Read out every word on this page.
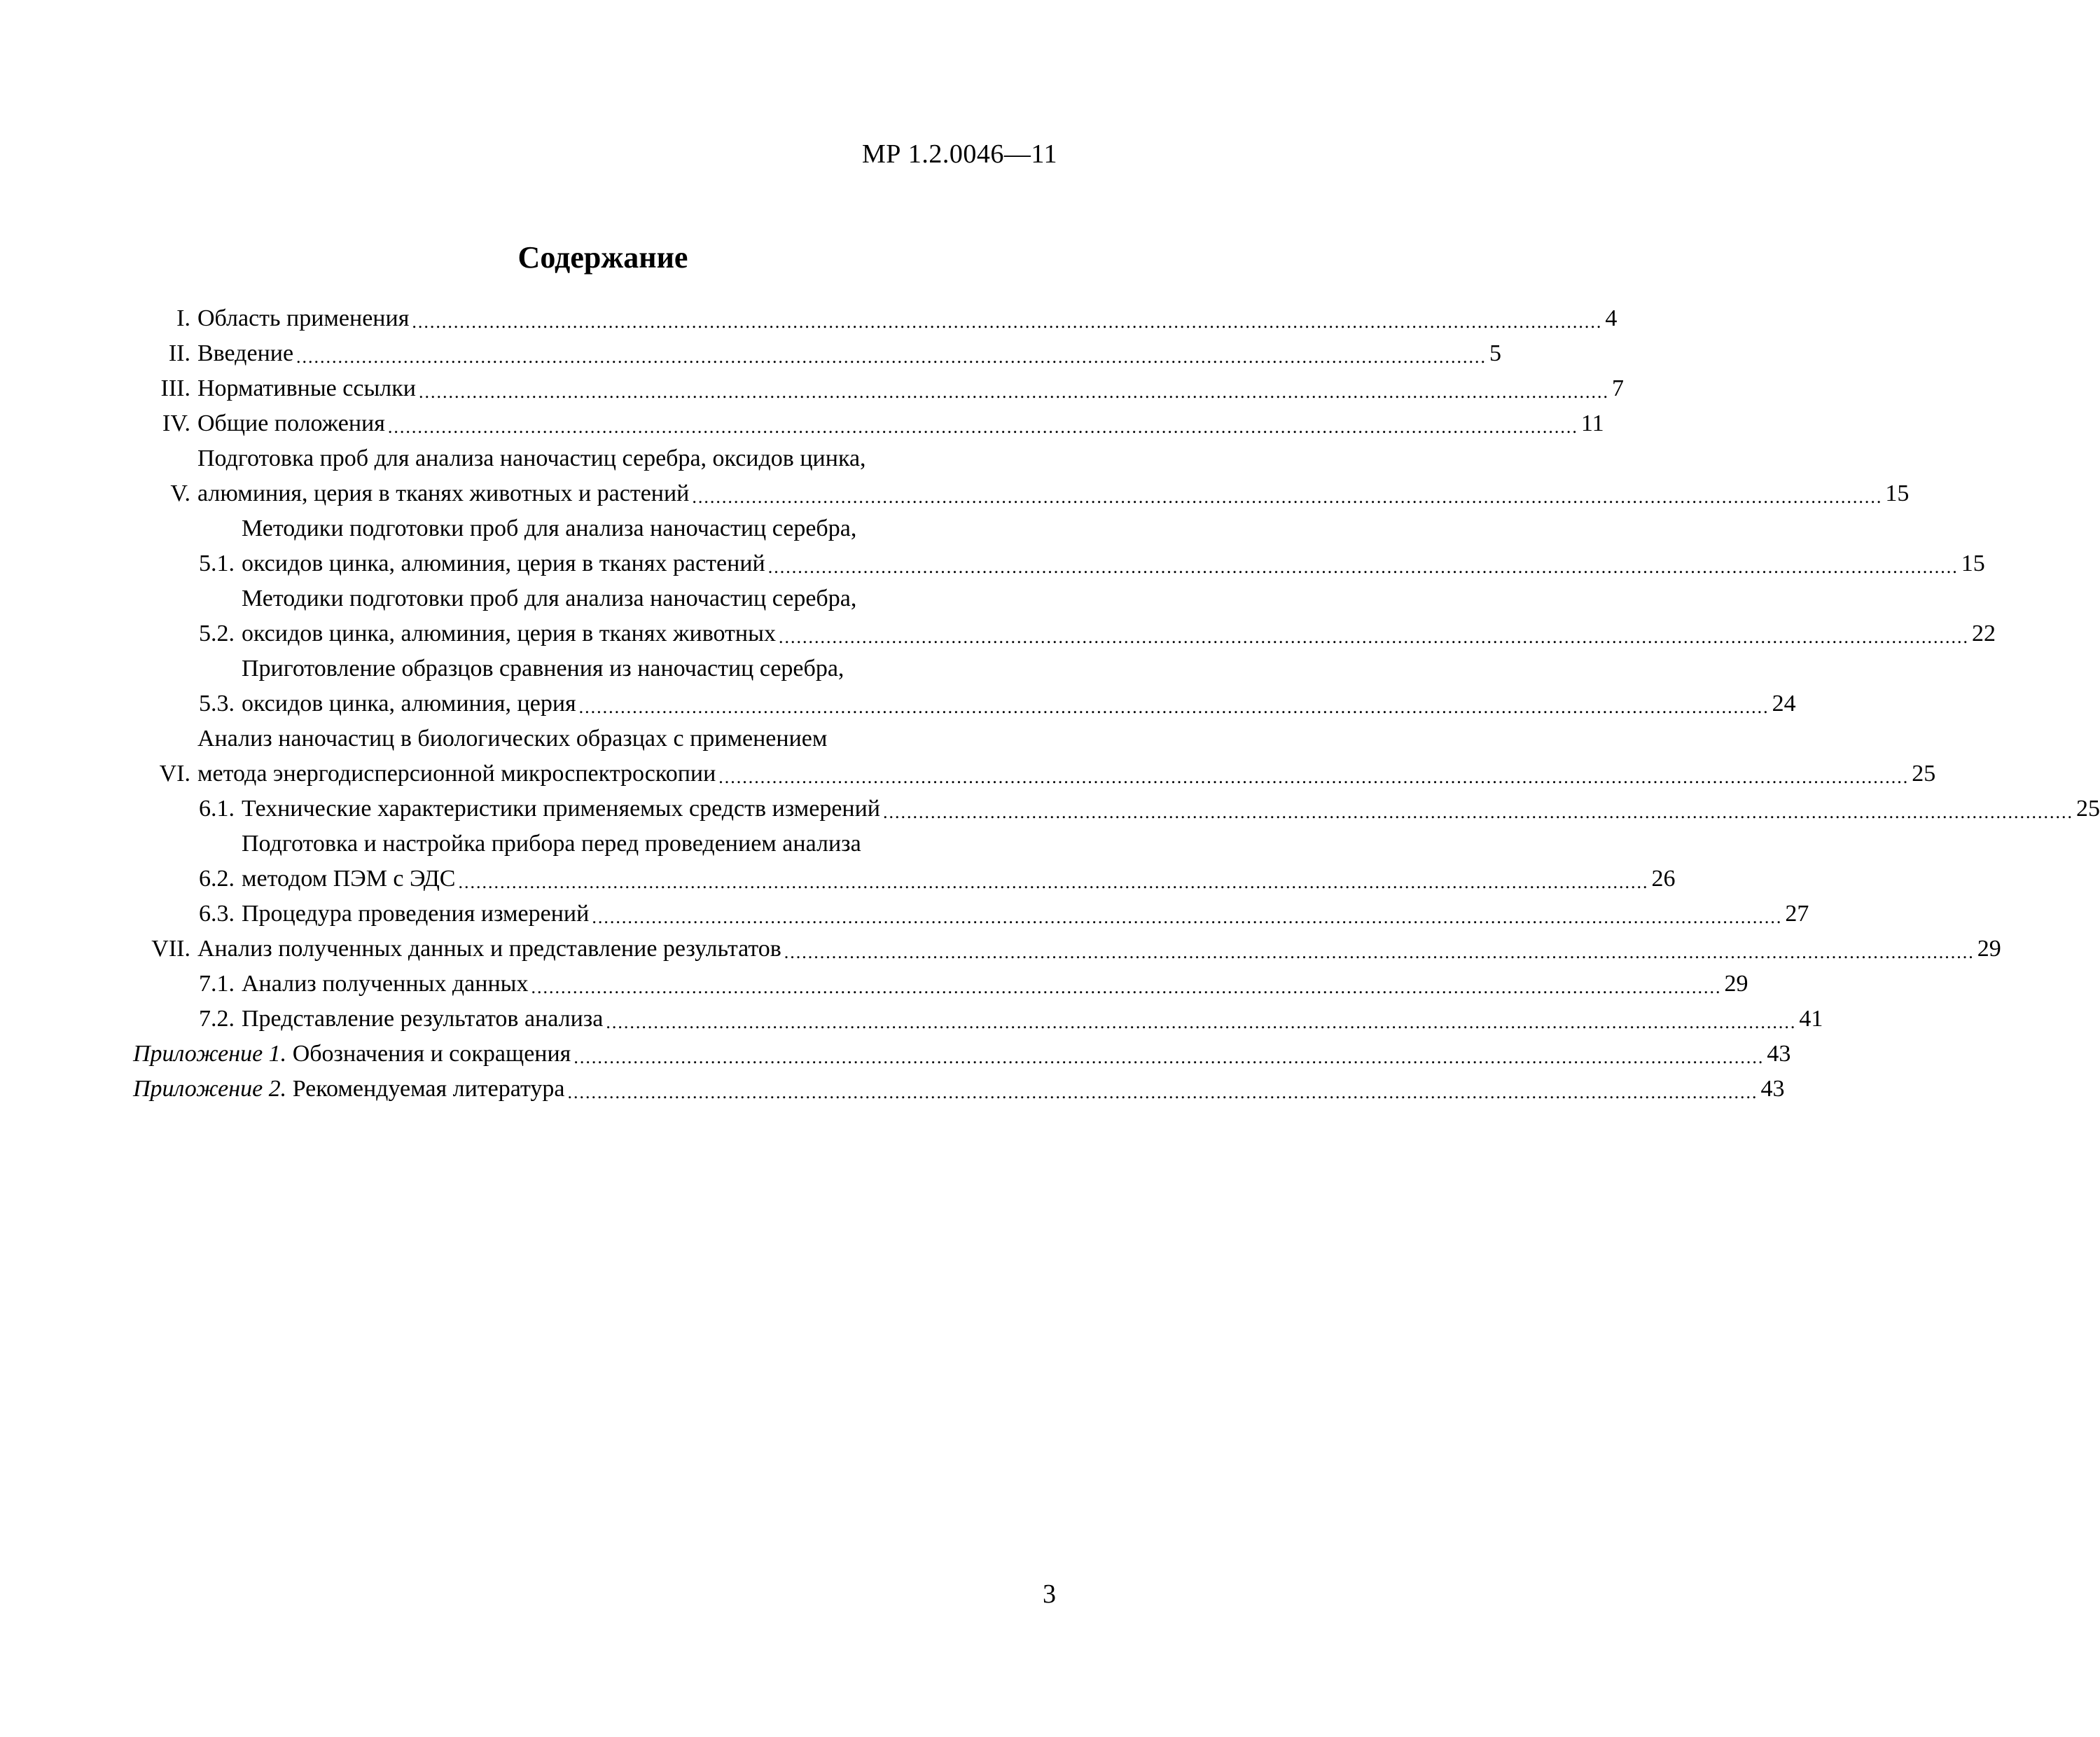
МР 1.2.0046—11
Содержание
I. Область применения ........................................................................................................................................................................................................ 4
II. Введение ........................................................................................................................................................................................................ 5
III. Нормативные ссылки ........................................................................................................................................................................................................ 7
IV. Общие положения ........................................................................................................................................................................................................ 11
V.
Подготовка проб для анализа наночастиц серебра, оксидов цинка,
алюминия, церия в тканях животных и растений ........................................................................................................................................................................................................ 15
5.1.
Методики подготовки проб для анализа наночастиц серебра,
оксидов цинка, алюминия, церия в тканях растений ........................................................................................................................................................................................................ 15
5.2.
Методики подготовки проб для анализа наночастиц серебра,
оксидов цинка, алюминия, церия в тканях животных ........................................................................................................................................................................................................ 22
5.3.
Приготовление образцов сравнения из наночастиц серебра,
оксидов цинка, алюминия, церия ........................................................................................................................................................................................................ 24
VI.
Анализ наночастиц в биологических образцах с применением
метода энергодисперсионной микроспектроскопии ........................................................................................................................................................................................................ 25
6.1. Технические характеристики применяемых средств измерений ........................................................................................................................................................................................................ 25
6.2.
Подготовка и настройка прибора перед проведением анализа
методом ПЭМ с ЭДС ........................................................................................................................................................................................................ 26
6.3. Процедура проведения измерений ........................................................................................................................................................................................................ 27
VII. Анализ полученных данных и представление результатов ........................................................................................................................................................................................................ 29
7.1. Анализ полученных данных ........................................................................................................................................................................................................ 29
7.2. Представление результатов анализа ........................................................................................................................................................................................................ 41
Приложение 1. Обозначения и сокращения ........................................................................................................................................................................................................ 43
Приложение 2. Рекомендуемая литература ........................................................................................................................................................................................................ 43
3
